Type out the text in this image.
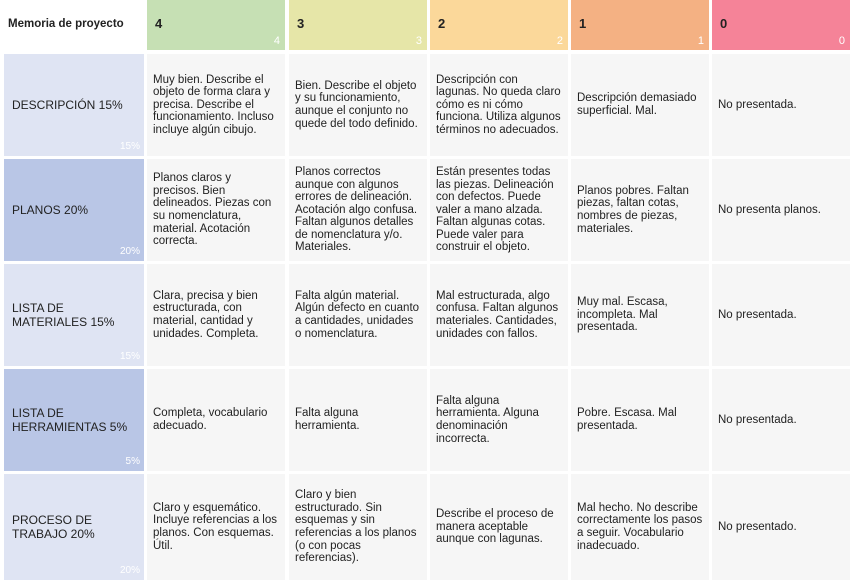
Memoria de proyecto	4
4
3
3
2
2
1
1
0
0
DESCRIPCIÓN 15%
15%
Muy bien. Describe el objeto de forma clara y precisa. Describe el funcionamiento. Incluso incluye algún cibujo.
Bien. Describe el objeto y su funcionamiento, aunque el conjunto no quede del todo definido.
Descripción con lagunas. No queda claro cómo es ni cómo funciona. Utiliza algunos términos no adecuados.
Descripción demasiado superficial. Mal.
No presentada.
PLANOS 20%
20%
Planos claros y precisos. Bien delineados. Piezas con su nomenclatura, material. Acotación correcta.
Planos correctos aunque con algunos errores de delineación. Acotación algo confusa. Faltan algunos detalles de nomenclatura y/o. Materiales.
Están presentes todas las piezas. Delineación con defectos. Puede valer a mano alzada. Faltan algunas cotas. Puede valer para construir el objeto.
Planos pobres. Faltan piezas, faltan cotas, nombres de piezas, materiales.
No presenta planos.
LISTA DE MATERIALES 15%
15%
Clara, precisa y bien estructurada, con material, cantidad y unidades. Completa.
Falta algún material. Algún defecto en cuanto a cantidades, unidades o nomenclatura.
Mal estructurada, algo confusa. Faltan algunos materiales. Cantidades, unidades con fallos.
Muy mal. Escasa, incompleta. Mal presentada.
No presentada.
LISTA DE HERRAMIENTAS 5%
5%
Completa, vocabulario adecuado.
Falta alguna herramienta.
Falta alguna herramienta. Alguna denominación incorrecta.
Pobre. Escasa. Mal presentada.
No presentada.
PROCESO DE TRABAJO 20%
20%
Claro y esquemático. Incluye referencias a los planos. Con esquemas. Útil.
Claro y bien estructurado. Sin esquemas y sin referencias a los planos (o con pocas referencias).
Describe el proceso de manera aceptable aunque con lagunas.
Mal hecho. No describe correctamente los pasos a seguir. Vocabulario inadecuado.
No presentado.
